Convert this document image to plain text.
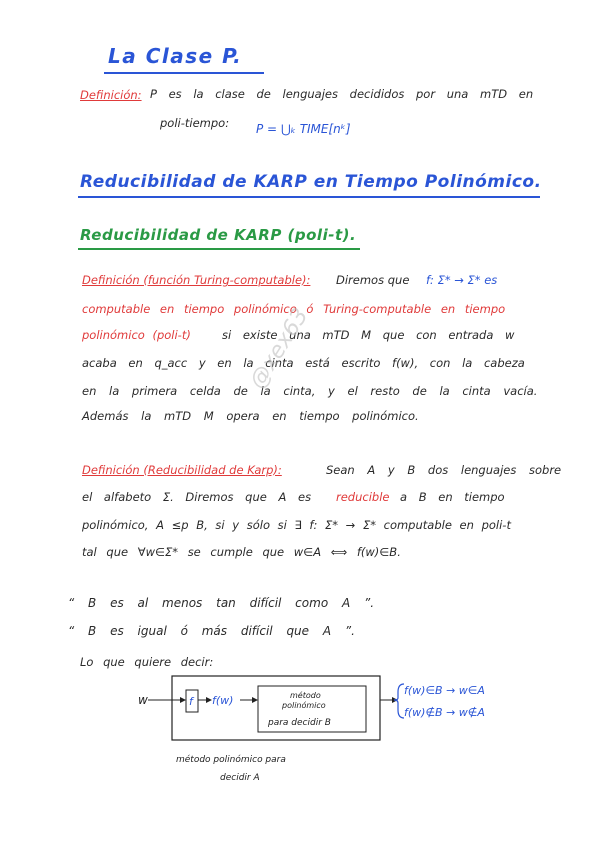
La Clase P.
Definición: P es la clase de lenguajes decididos por una mTD en
poli-tiempo: P = ⋃ₖ TIME[nᵏ]
Reducibilidad de KARP en Tiempo Polinómico.
Reducibilidad de KARP (poli-t).
Definición (función Turing-computable): Diremos que f: Σ* → Σ* es
computable en tiempo polinómico ó Turing-computable en tiempo
polinómico (poli-t)	si existe una mTD M que con entrada w
acaba en q_acc y en la cinta está escrito f(w), con la cabeza
en la primera celda de la cinta, y el resto de la cinta vacía.
Además la mTD M opera en tiempo polinómico.
Definición (Reducibilidad de Karp):	Sean A y B dos lenguajes sobre
el alfabeto Σ. Diremos que A es reducible a B en tiempo
polinómico, A ≤p B, si y sólo si ∃ f: Σ* → Σ* computable en poli-t
tal que ∀w∈Σ* se cumple que w∈A ⟺ f(w)∈B.
“ B es al menos tan difícil como A ”.
“ B es igual ó más difícil que A ”.
Lo que quiere decir:
w	f f(w)	método
polinómico
para decidir B
f(w)∈B → w∈A
f(w)∉B → w∉A
método polinómico para
decidir A
@xex63
